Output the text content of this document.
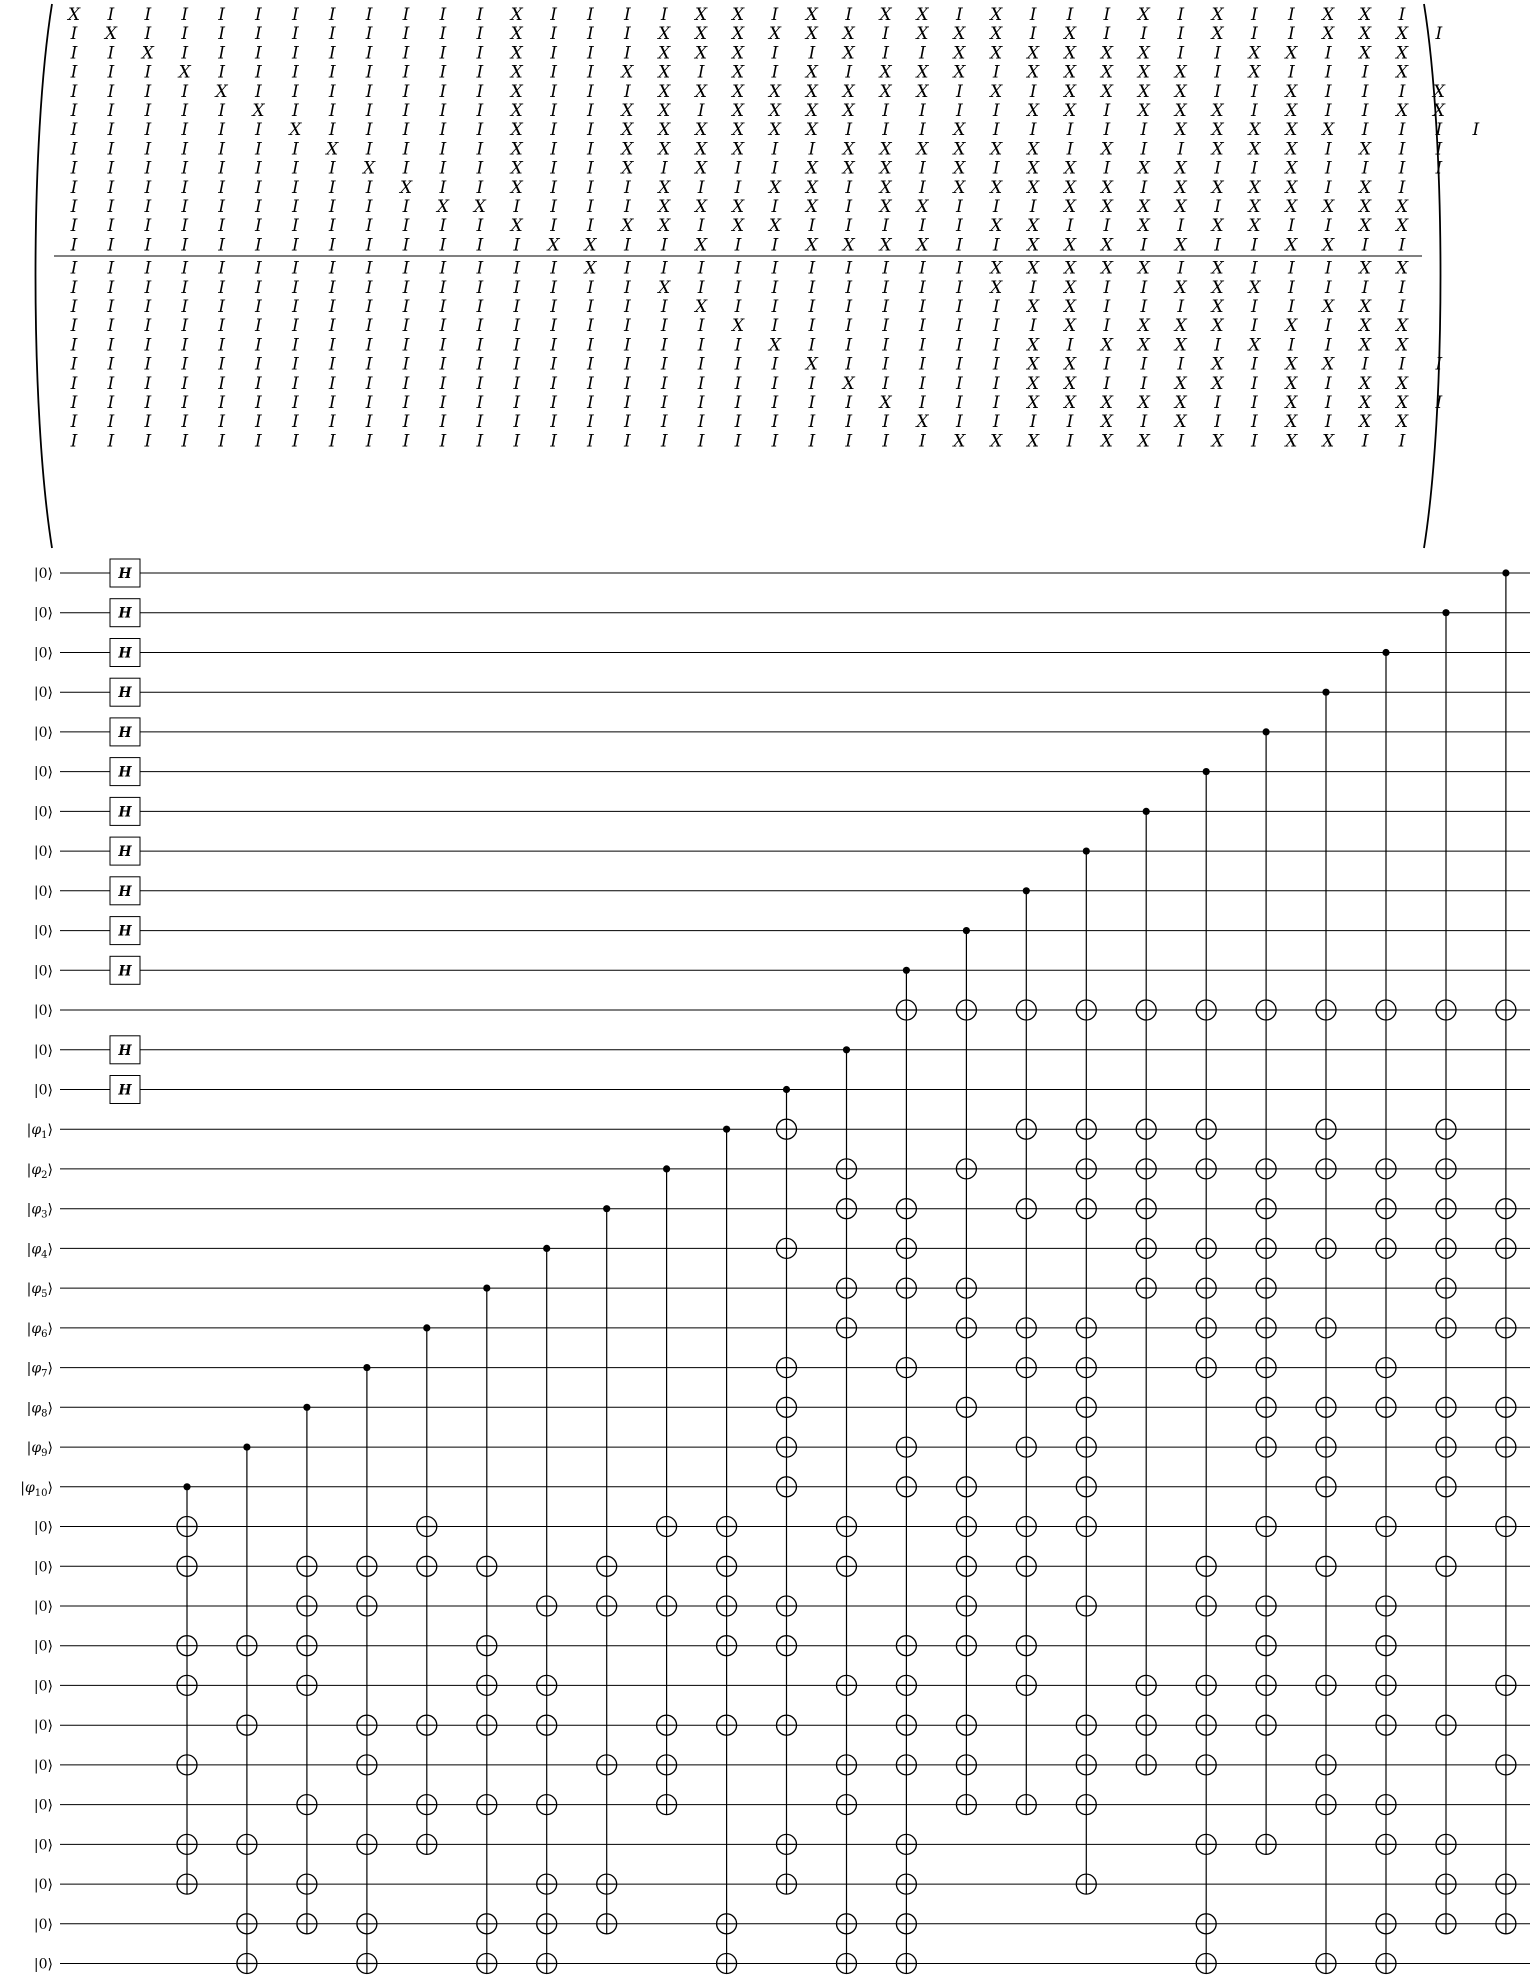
X I I I I I I I I I I I X I I I I X X I X I X X I X I I I X I X I I X X I
I X I I I I I I I I I I X I I I X X X X X X I X X X I X I I I X I I X X X I
I I X I I I I I I I I I X I I I X X X I I X I I X X X X X X I I X X I X X
I I I X I I I I I I I I X I I X X I X I X I X X X I X X X X X I X I I I X
I I I I X I I I I I I I X I I I X X X X X X X X I X I X X X X I I X I I I X
I I I I I X I I I I I I X I I X X I X X X X I I I I X X I X X X I X I I X X
I I I I I I X I I I I I X I I X X X X X X I I I X I I I I I X X X X X I I I I
I I I I I I I X I I I I X I I X X X X I I X X X X X X I X I I X X X I X I I
I I I I I I I I X I I I X I I X I X I I X X X I X I X X I X X I I X I I I I
I I I I I I I I I X I I X I I I X I I X X I X I X X X X X I X X X X I X I
I I I I I I I I I I X X I I I I X X X I X I X X I I I X X X X I X X X X X
I I I I I I I I I I I I X I I X X I X X I I I I I X X I I X I X X I I X X
I I I I I I I I I I I I I X X I I X I I X X X X I I X X X I X I I X X I I
I I I I I I I I I I I I I I X I I I I I I I I I I X X X X X I X I I I X X
I I I I I I I I I I I I I I I I X I I I I I I I I X I X I I X X X I I I I
I I I I I I I I I I I I I I I I I X I I I I I I I I X X I I I X I I X X I
I I I I I I I I I I I I I I I I I I X I I I I I I I I X I X X X I X I X X
I I I I I I I I I I I I I I I I I I I X I I I I I I X I X X X I X I I X X
I I I I I I I I I I I I I I I I I I I I X I I I I I X X I I I X I X X I I I
I I I I I I I I I I I I I I I I I I I I I X I I I I X X I I X X I X I X X
I I I I I I I I I I I I I I I I I I I I I I X I I I X X X X X I I X I X X I
I I I I I I I I I I I I I I I I I I I I I I I X I I I I X I X I I X I X X
I I I I I I I I I I I I I I I I I I I I I I I I X X X I X X I X I X X I I
|0⟩	H
|0⟩	H
|0⟩	H
|0⟩	H
|0⟩	H
|0⟩	H
|0⟩	H
|0⟩	H
|0⟩	H
|0⟩	H
|0⟩	H
|0⟩
|0⟩	H
|0⟩	H
$|\varphi_1⟩$
$|\varphi_2⟩$
$|\varphi_3⟩$
$|\varphi_4⟩$
$|\varphi_5⟩$
$|\varphi_6⟩$
$|\varphi_7⟩$
$|\varphi_8⟩$
$|\varphi_9⟩$
$|\varphi_{10}⟩$
|0⟩
|0⟩
|0⟩
|0⟩
|0⟩
|0⟩
|0⟩
|0⟩
|0⟩
|0⟩
|0⟩
|0⟩
